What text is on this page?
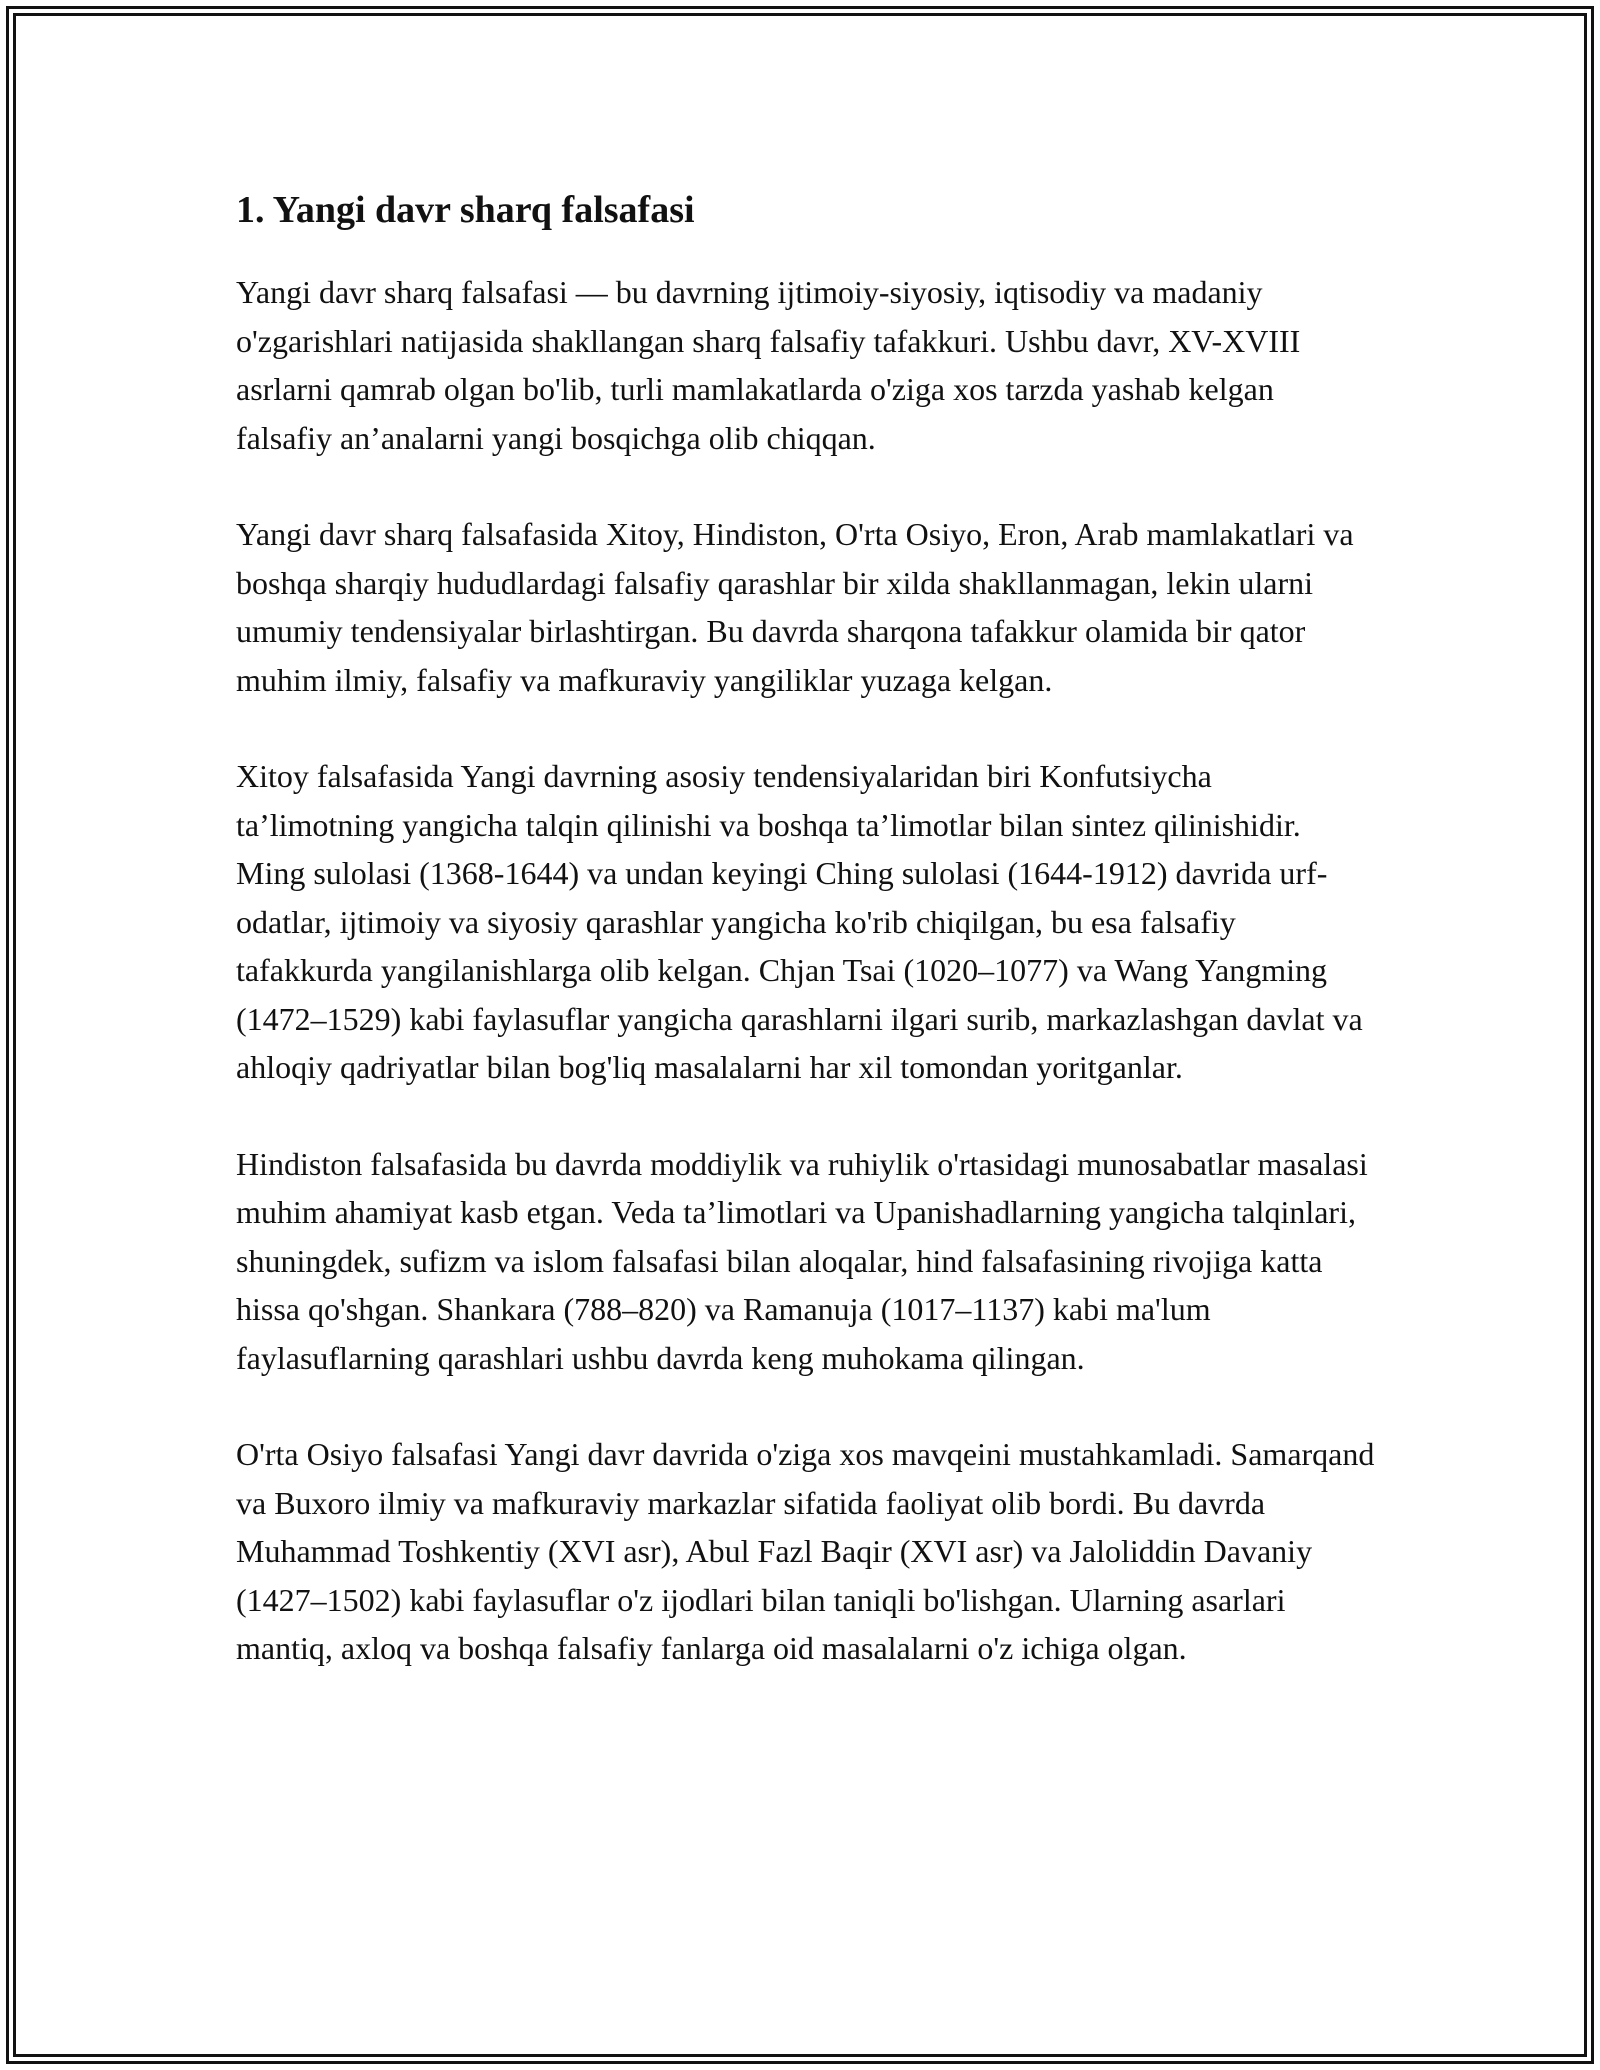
1. Yangi davr sharq falsafasi

Yangi davr sharq falsafasi — bu davrning ijtimoiy-siyosiy, iqtisodiy va madaniy o'zgarishlari natijasida shakllangan sharq falsafiy tafakkuri. Ushbu davr, XV-XVIII asrlarni qamrab olgan bo'lib, turli mamlakatlarda o'ziga xos tarzda yashab kelgan falsafiy an’analarni yangi bosqichga olib chiqqan.

Yangi davr sharq falsafasida Xitoy, Hindiston, O'rta Osiyo, Eron, Arab mamlakatlari va boshqa sharqiy hududlardagi falsafiy qarashlar bir xilda shakllanmagan, lekin ularni umumiy tendensiyalar birlashtirgan. Bu davrda sharqona tafakkur olamida bir qator muhim ilmiy, falsafiy va mafkuraviy yangiliklar yuzaga kelgan.

Xitoy falsafasida Yangi davrning asosiy tendensiyalaridan biri Konfutsiycha ta’limotning yangicha talqin qilinishi va boshqa ta’limotlar bilan sintez qilinishidir. Ming sulolasi (1368-1644) va undan keyingi Ching sulolasi (1644-1912) davrida urf-odatlar, ijtimoiy va siyosiy qarashlar yangicha ko'rib chiqilgan, bu esa falsafiy tafakkurda yangilanishlarga olib kelgan. Chjan Tsai (1020–1077) va Wang Yangming (1472–1529) kabi faylasuflar yangicha qarashlarni ilgari surib, markazlashgan davlat va ahloqiy qadriyatlar bilan bog'liq masalalarni har xil tomondan yoritganlar.

Hindiston falsafasida bu davrda moddiylik va ruhiylik o'rtasidagi munosabatlar masalasi muhim ahamiyat kasb etgan. Veda ta’limotlari va Upanishadlarning yangicha talqinlari, shuningdek, sufizm va islom falsafasi bilan aloqalar, hind falsafasining rivojiga katta hissa qo'shgan. Shankara (788–820) va Ramanuja (1017–1137) kabi ma'lum faylasuflarning qarashlari ushbu davrda keng muhokama qilingan.

O'rta Osiyo falsafasi Yangi davr davrida o'ziga xos mavqeini mustahkamladi. Samarqand va Buxoro ilmiy va mafkuraviy markazlar sifatida faoliyat olib bordi. Bu davrda Muhammad Toshkentiy (XVI asr), Abul Fazl Baqir (XVI asr) va Jaloliddin Davaniy (1427–1502) kabi faylasuflar o'z ijodlari bilan taniqli bo'lishgan. Ularning asarlari mantiq, axloq va boshqa falsafiy fanlarga oid masalalarni o'z ichiga olgan.
